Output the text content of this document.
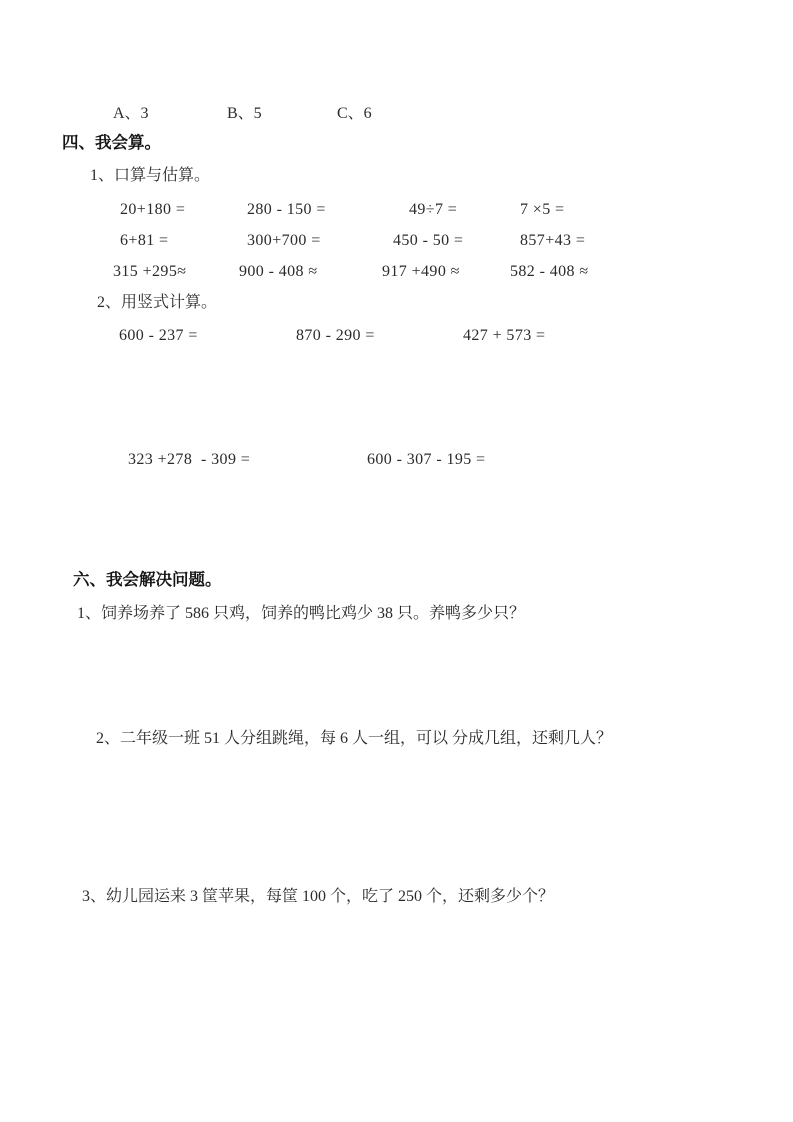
A、3	B、5	C、6
四、我会算。
1、口算与估算。
20+180 =	280 - 150 =	49÷7 =	7 ×5 =
6+81 =	300+700 =	450 - 50 =	857+43 =
315 +295≈	900 - 408 ≈	917 +490 ≈	582 - 408 ≈
2、用竖式计算。
600 - 237 =	870 - 290 =	427 + 573 =
323 +278  - 309 =	600 - 307 - 195 =
六、我会解决问题。
1、饲养场养了 586 只鸡，饲养的鸭比鸡少 38 只。养鸭多少只？
2、二年级一班 51 人分组跳绳，每 6 人一组，可以 分成几组，还剩几人？
3、幼儿园运来 3 筐苹果，每筐 100 个，吃了 250 个，还剩多少个？
